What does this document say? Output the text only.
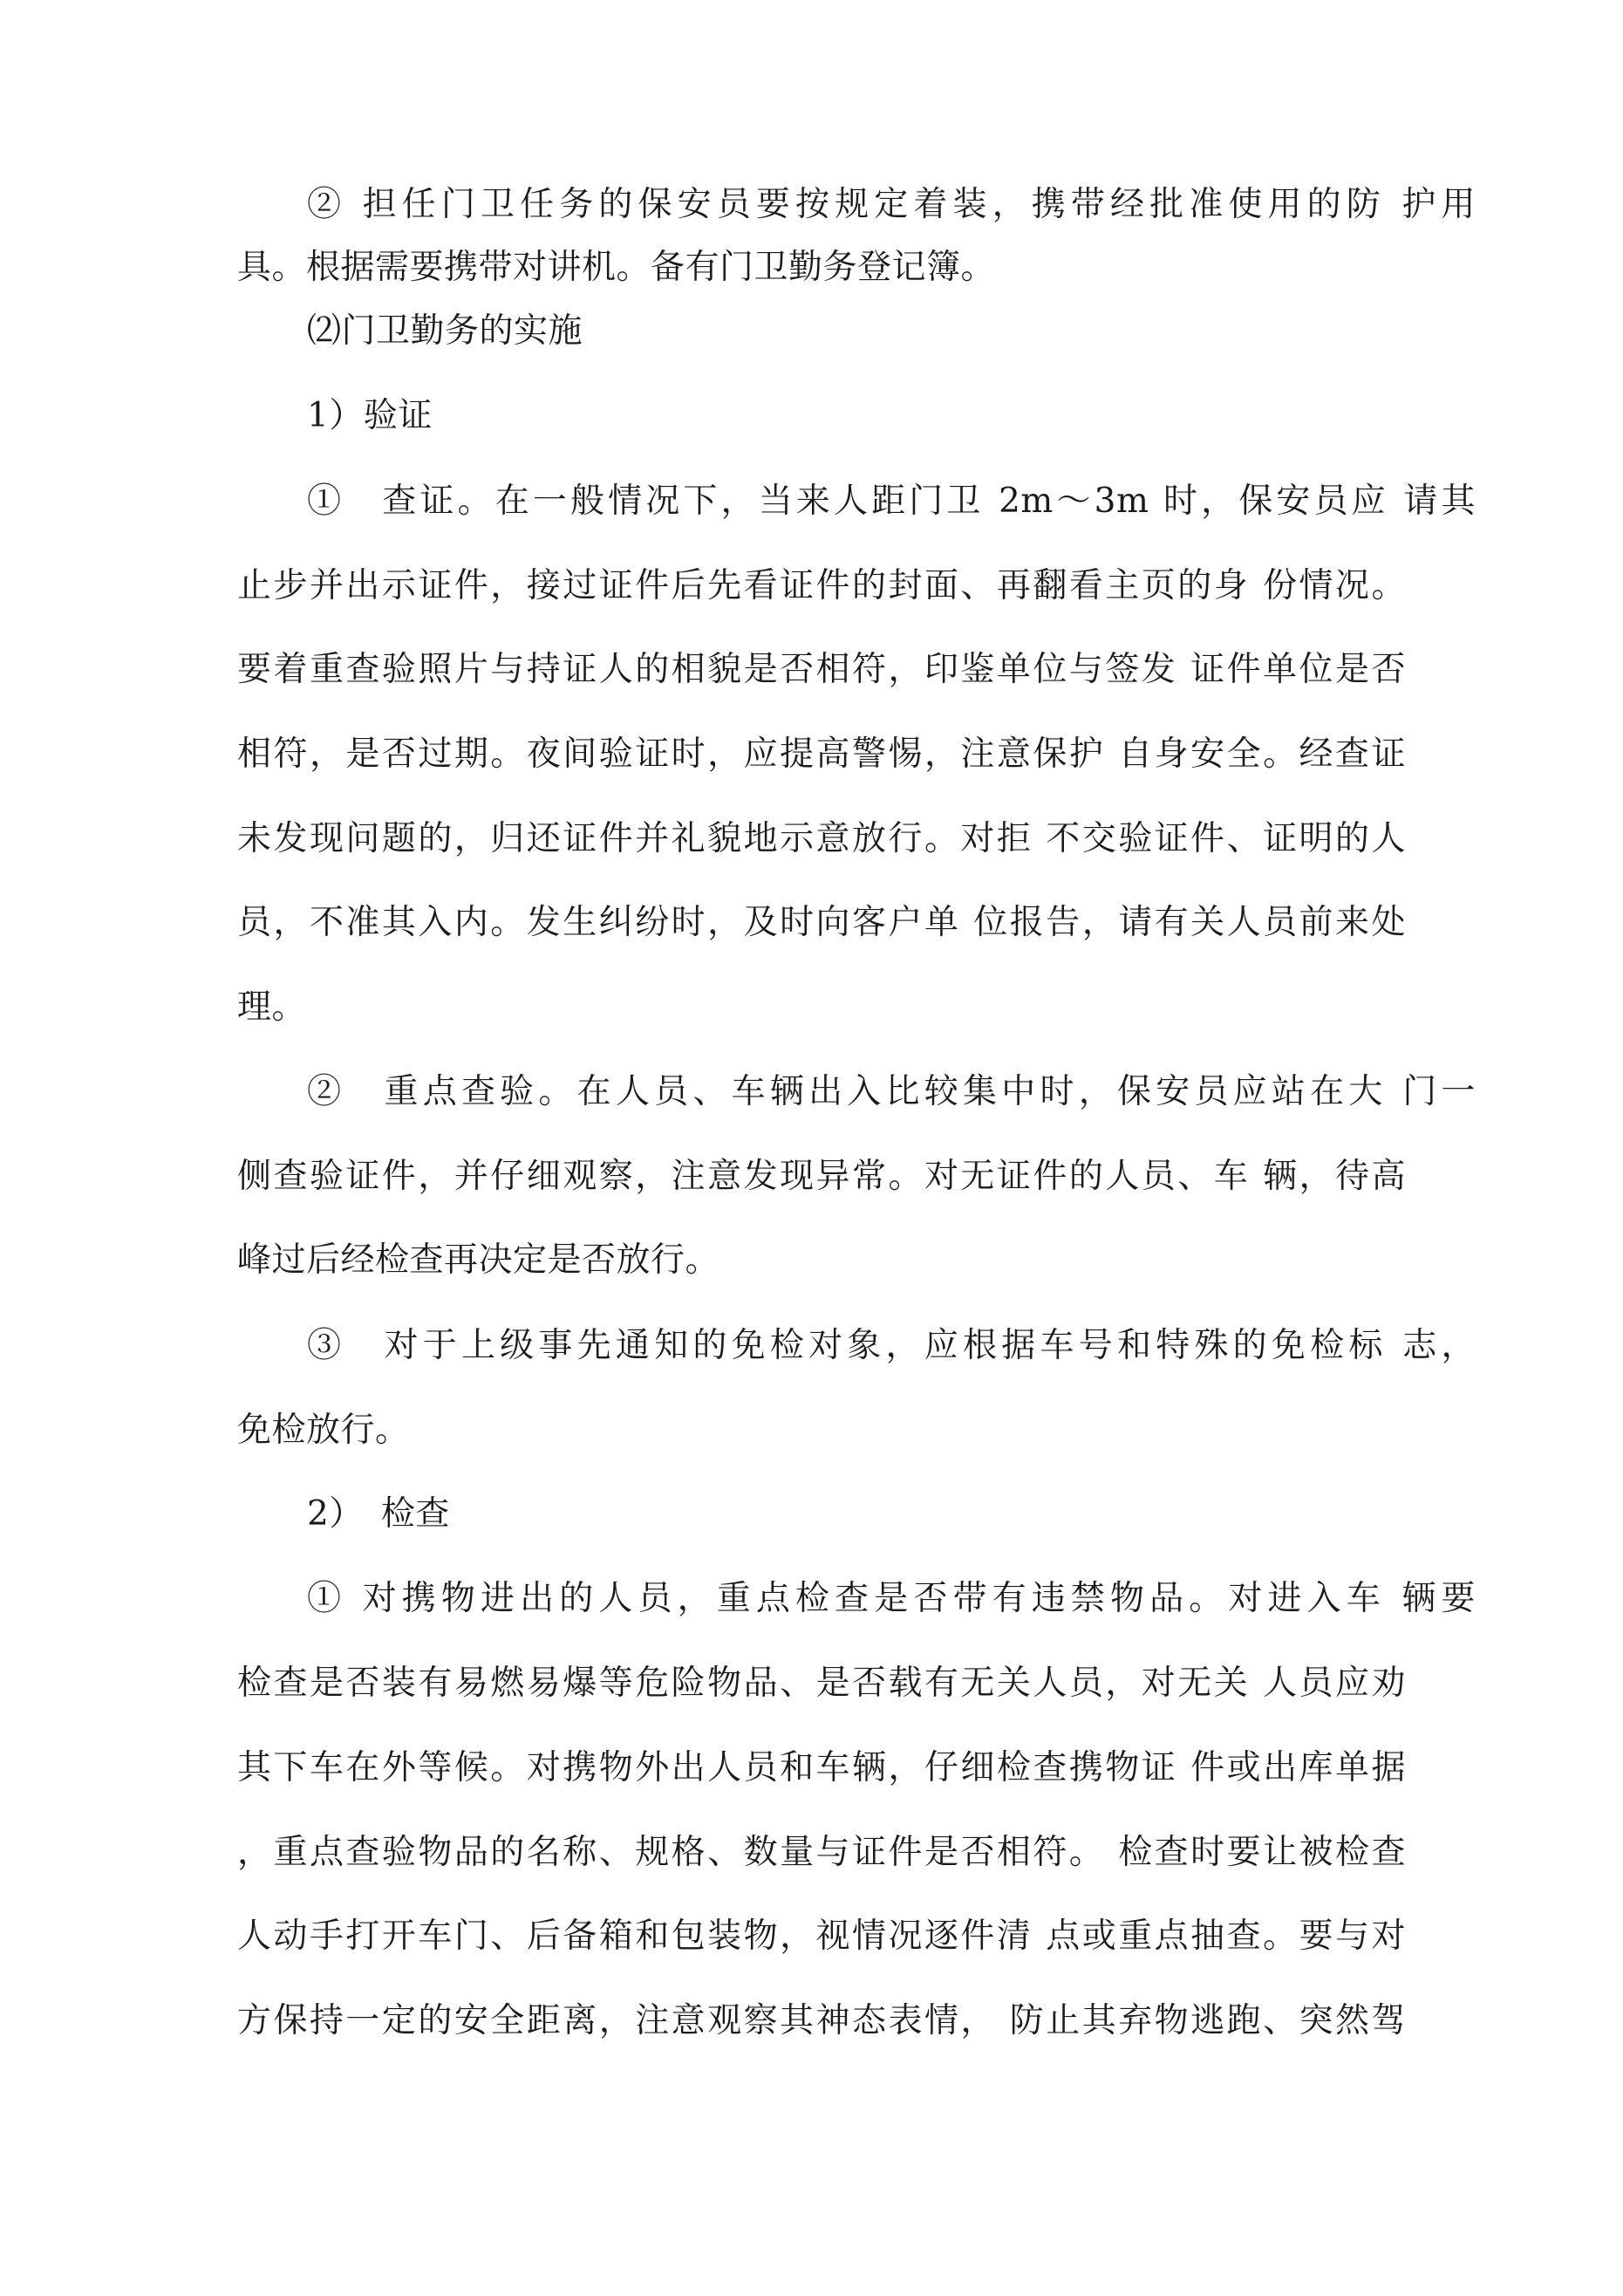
② 担任门卫任务的保安员要按规定着装，携带经批准使用的防 护用
具。根据需要携带对讲机。备有门卫勤务登记簿。
⑵门卫勤务的实施
1）验证
①　查证。在一般情况下，当来人距门卫 2m〜3m 时，保安员应 请其
止步并出示证件，接过证件后先看证件的封面、再翻看主页的身 份情况。
要着重查验照片与持证人的相貌是否相符，印鉴单位与签发 证件单位是否
相符，是否过期。夜间验证时，应提高警惕，注意保护 自身安全。经查证
未发现问题的，归还证件并礼貌地示意放行。对拒 不交验证件、证明的人
员，不准其入内。发生纠纷时，及时向客户单 位报告，请有关人员前来处
理。
②　重点查验。在人员、车辆出入比较集中时，保安员应站在大 门一
侧查验证件，并仔细观察，注意发现异常。对无证件的人员、车 辆，待高
峰过后经检查再决定是否放行。
③　对于上级事先通知的免检对象，应根据车号和特殊的免检标 志，
免检放行。
2）　检查
① 对携物进出的人员，重点检查是否带有违禁物品。对进入车 辆要
检查是否装有易燃易爆等危险物品、是否载有无关人员，对无关 人员应劝
其下车在外等候。对携物外出人员和车辆，仔细检查携物证 件或出库单据
，重点查验物品的名称、规格、数量与证件是否相符。 检查时要让被检查
人动手打开车门、后备箱和包装物，视情况逐件清 点或重点抽查。要与对
方保持一定的安全距离，注意观察其神态表情， 防止其弃物逃跑、突然驾
